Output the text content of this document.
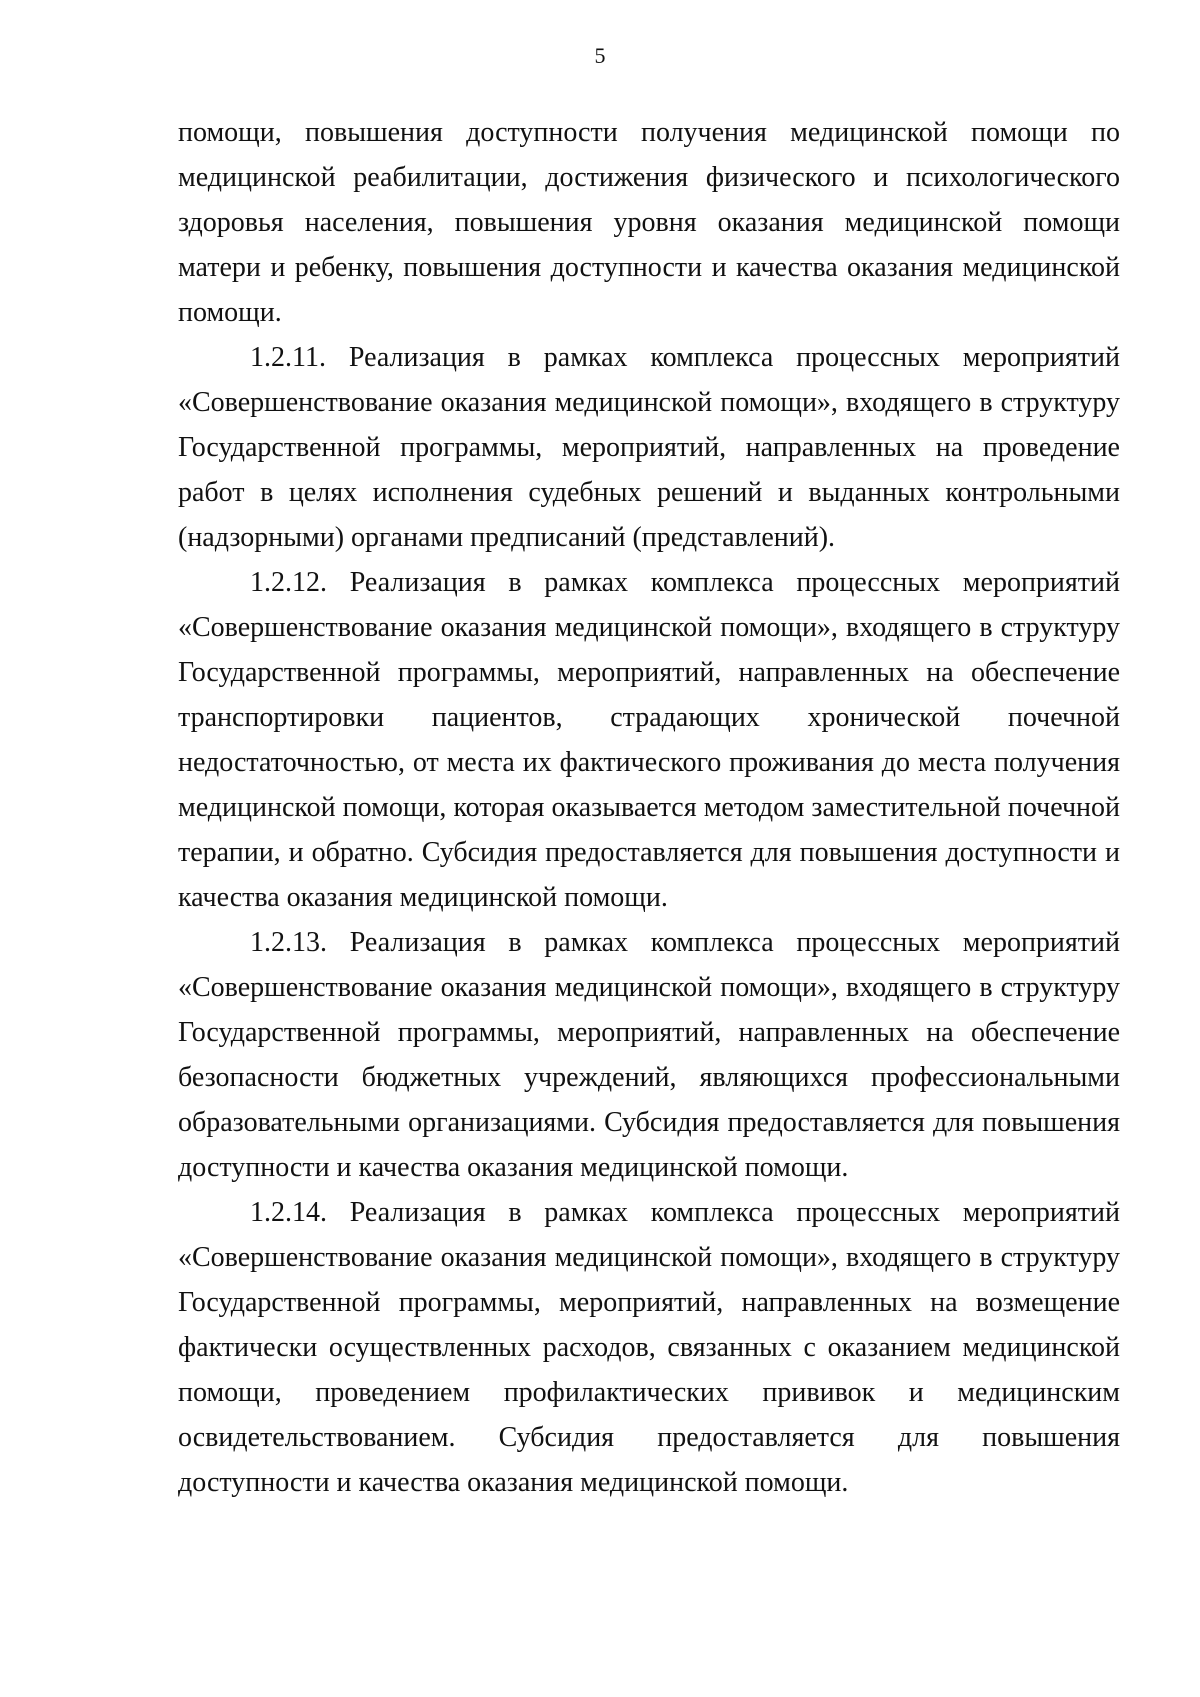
5

помощи, повышения доступности получения медицинской помощи по медицинской реабилитации, достижения физического и психологического здоровья населения, повышения уровня оказания медицинской помощи матери и ребенку, повышения доступности и качества оказания медицинской помощи.

1.2.11. Реализация в рамках комплекса процессных мероприятий «Совершенствование оказания медицинской помощи», входящего в структуру Государственной программы, мероприятий, направленных на проведение работ в целях исполнения судебных решений и выданных контрольными (надзорными) органами предписаний (представлений).

1.2.12. Реализация в рамках комплекса процессных мероприятий «Совершенствование оказания медицинской помощи», входящего в структуру Государственной программы, мероприятий, направленных на обеспечение транспортировки пациентов, страдающих хронической почечной недостаточностью, от места их фактического проживания до места получения медицинской помощи, которая оказывается методом заместительной почечной терапии, и обратно. Субсидия предоставляется для повышения доступности и качества оказания медицинской помощи.

1.2.13. Реализация в рамках комплекса процессных мероприятий «Совершенствование оказания медицинской помощи», входящего в структуру Государственной программы, мероприятий, направленных на обеспечение безопасности бюджетных учреждений, являющихся профессиональными образовательными организациями. Субсидия предоставляется для повышения доступности и качества оказания медицинской помощи.

1.2.14. Реализация в рамках комплекса процессных мероприятий «Совершенствование оказания медицинской помощи», входящего в структуру Государственной программы, мероприятий, направленных на возмещение фактически осуществленных расходов, связанных с оказанием медицинской помощи, проведением профилактических прививок и медицинским освидетельствованием. Субсидия предоставляется для повышения доступности и качества оказания медицинской помощи.
